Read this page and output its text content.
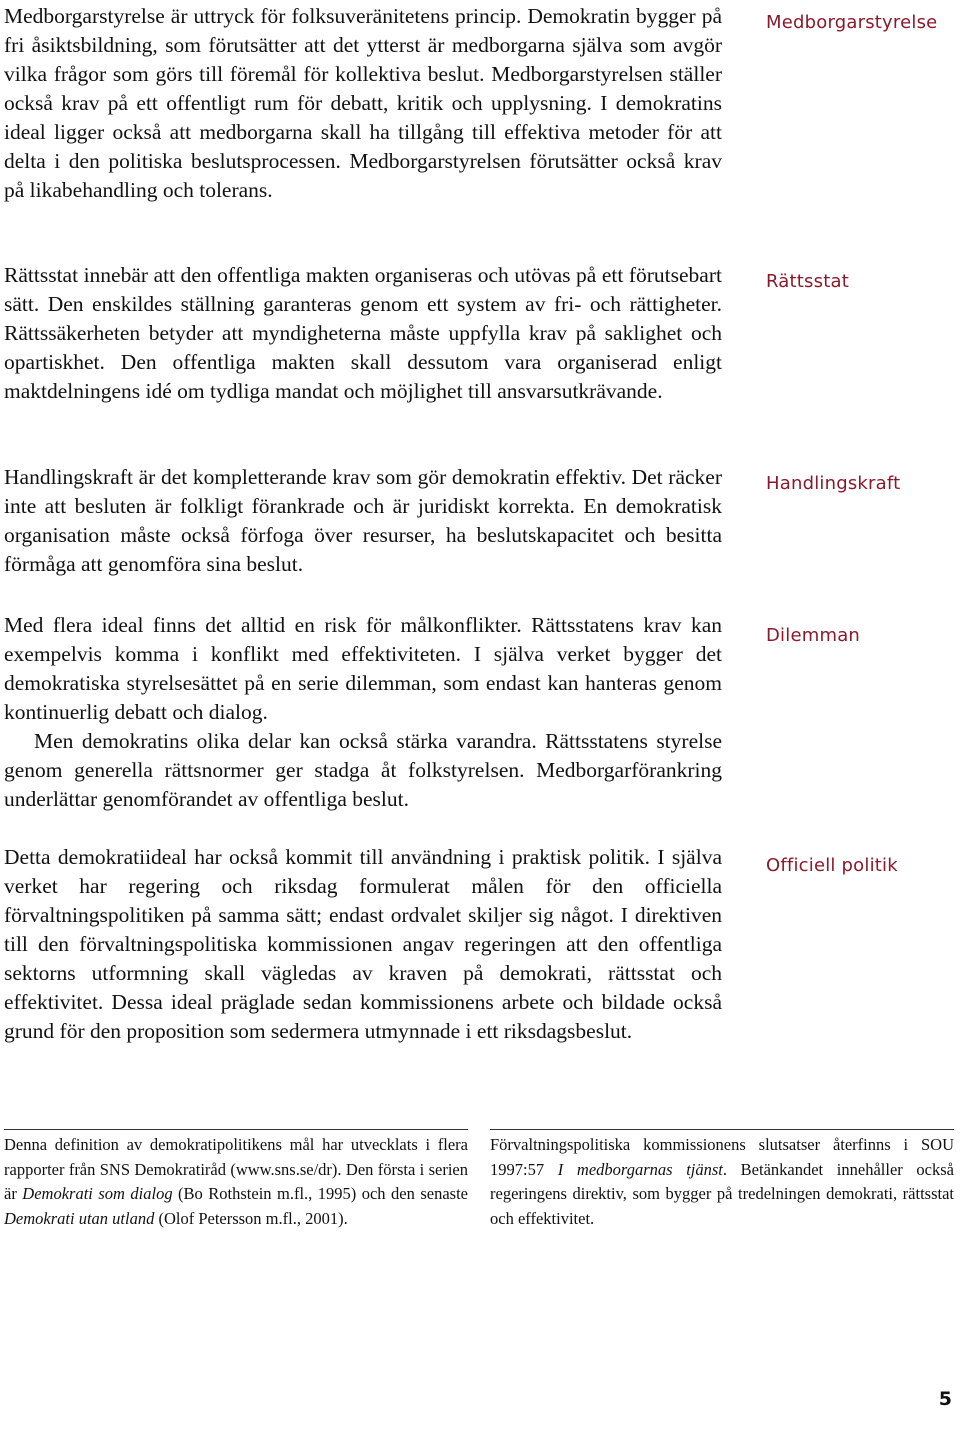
Medborgarstyrelse är uttryck för folksuveränitetens princip. Demokratin bygger på fri åsiktsbildning, som förutsätter att det ytterst är medborgarna själva som avgör vilka frågor som görs till föremål för kollektiva beslut. Medborgarstyrelsen ställer också krav på ett offentligt rum för debatt, kritik och upplysning. I demokratins ideal ligger också att medborgarna skall ha tillgång till effektiva metoder för att delta i den politiska beslutsprocessen. Medborgarstyrelsen förutsätter också krav på likabehandling och tolerans.

Medborgarstyrelse

Rättsstat innebär att den offentliga makten organiseras och utövas på ett förutsebart sätt. Den enskildes ställning garanteras genom ett system av fri- och rättigheter. Rättssäkerheten betyder att myndigheterna måste uppfylla krav på saklighet och opartiskhet. Den offentliga makten skall dessutom vara organiserad enligt maktdelningens idé om tydliga mandat och möjlighet till ansvarsutkrävande.

Rättsstat

Handlingskraft är det kompletterande krav som gör demokratin effektiv. Det räcker inte att besluten är folkligt förankrade och är juridiskt korrekta. En demokratisk organisation måste också förfoga över resurser, ha beslutskapacitet och besitta förmåga att genomföra sina beslut.

Handlingskraft
Med flera ideal finns det alltid en risk för målkonflikter. Rättsstatens krav kan exempelvis komma i konflikt med effektiviteten. I själva verket bygger det demokratiska styrelsesättet på en serie dilemman, som endast kan hanteras genom kontinuerlig debatt och dialog.
Men demokratins olika delar kan också stärka varandra. Rättsstatens styrelse genom generella rättsnormer ger stadga åt folkstyrelsen. Medborgarförankring underlättar genomförandet av offentliga beslut.
Dilemman

Detta demokratiideal har också kommit till användning i praktisk politik. I själva verket har regering och riksdag formulerat målen för den officiella förvaltningspolitiken på samma sätt; endast ordvalet skiljer sig något. I direktiven till den förvaltningspolitiska kommissionen angav regeringen att den offentliga sektorns utformning skall vägledas av kraven på demokrati, rättsstat och effektivitet. Dessa ideal präglade sedan kommissionens arbete och bildade också grund för den proposition som sedermera utmynnade i ett riksdagsbeslut.

Officiell politik

Denna definition av demokratipolitikens mål har utvecklats i flera rapporter från SNS Demokratiråd (www.sns.se/dr). Den första i serien är Demokrati som dialog (Bo Rothstein m.fl., 1995) och den senaste Demokrati utan utland (Olof Petersson m.fl., 2001).

Förvaltningspolitiska kommissionens slutsatser återfinns i SOU 1997:57 I medborgarnas tjänst. Betänkandet innehåller också regeringens direktiv, som bygger på tredelningen demokrati, rättsstat och effektivitet.

5
